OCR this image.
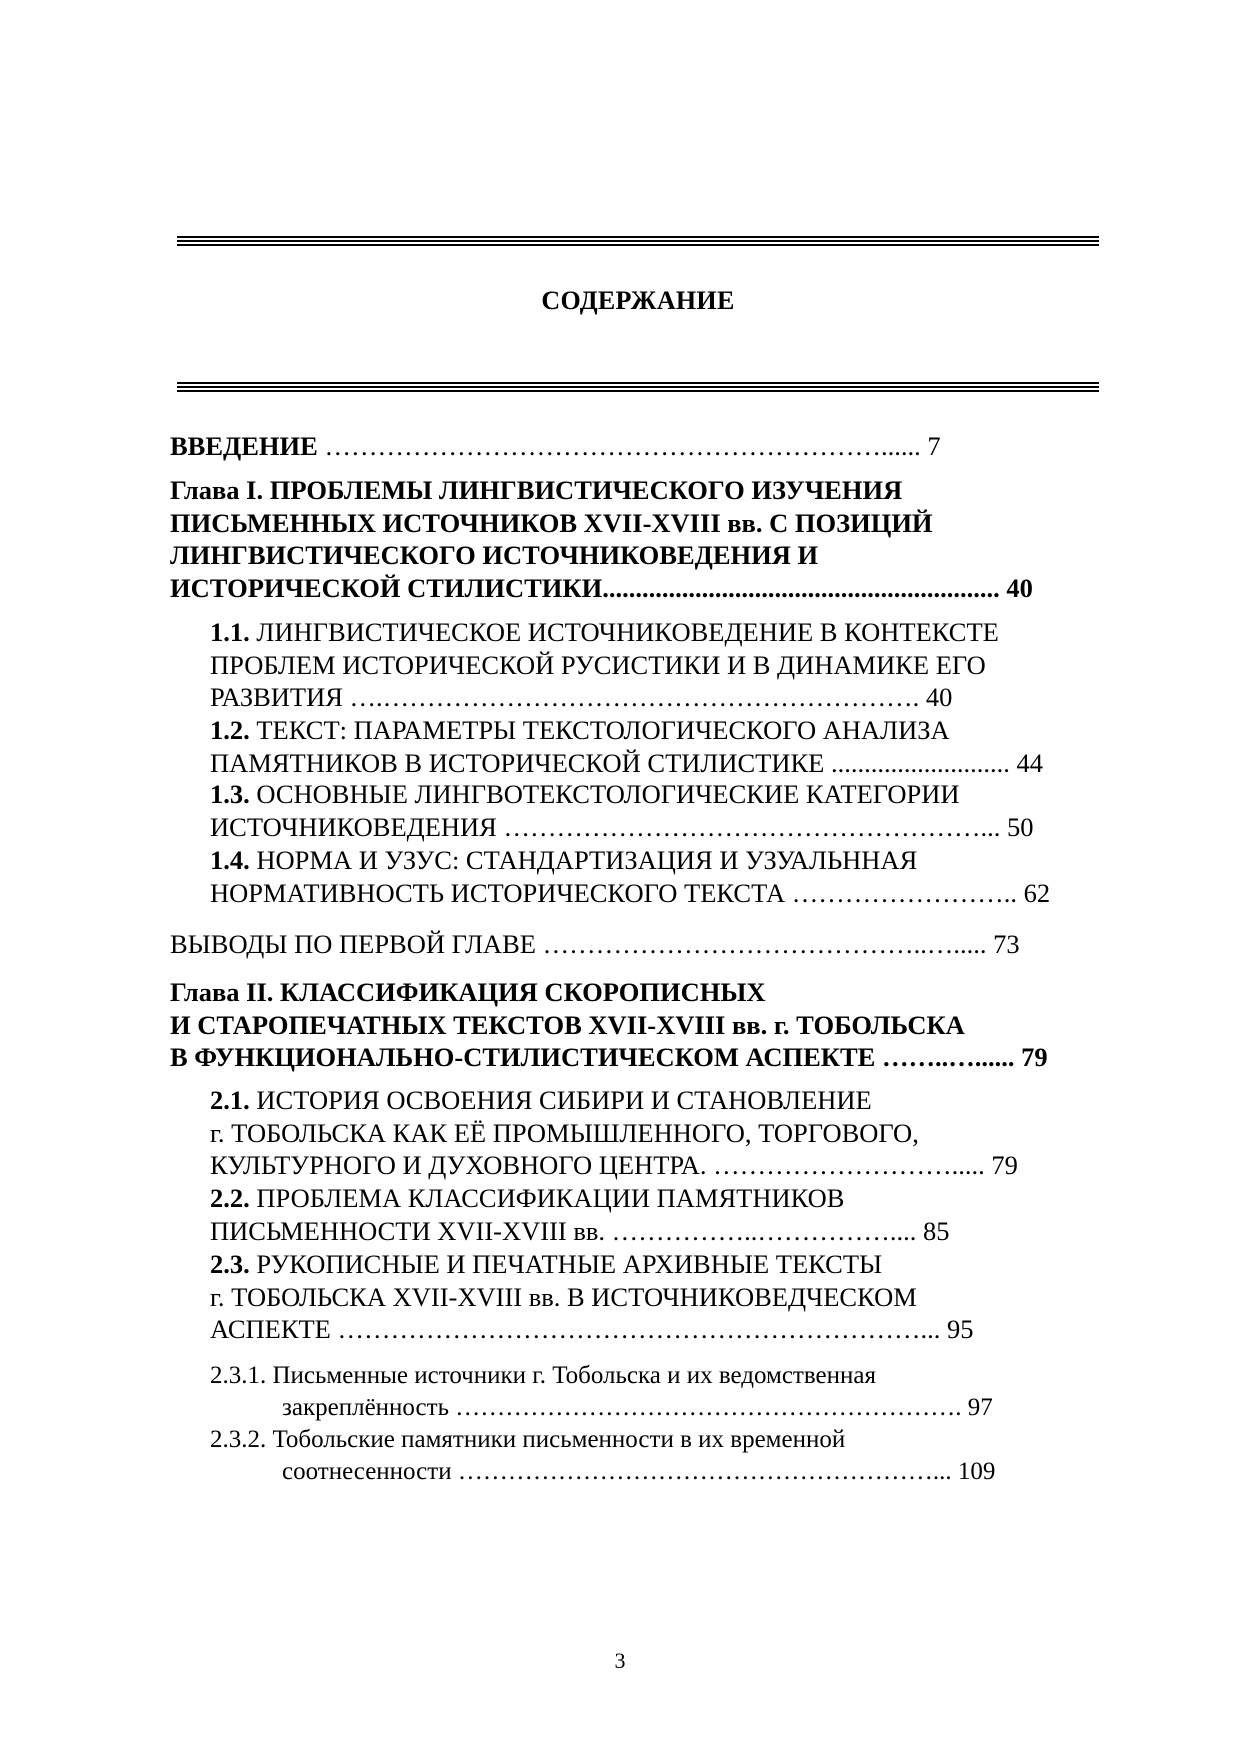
СОДЕРЖАНИЕ
ВВЕДЕНИЕ ………………………………………………………...... 7
Глава I. ПРОБЛЕМЫ ЛИНГВИСТИЧЕСКОГО ИЗУЧЕНИЯ
ПИСЬМЕННЫХ ИСТОЧНИКОВ XVII-XVIII вв. С ПОЗИЦИЙ
ЛИНГВИСТИЧЕСКОГО ИСТОЧНИКОВЕДЕНИЯ И
ИСТОРИЧЕСКОЙ СТИЛИСТИКИ............................................................ 40
1.1. ЛИНГВИСТИЧЕСКОЕ ИСТОЧНИКОВЕДЕНИЕ В КОНТЕКСТЕ
ПРОБЛЕМ ИСТОРИЧЕСКОЙ РУСИСТИКИ И В ДИНАМИКЕ ЕГО
РАЗВИТИЯ ….……………………………………………………. 40
1.2. ТЕКСТ: ПАРАМЕТРЫ ТЕКСТОЛОГИЧЕСКОГО АНАЛИЗА
ПАМЯТНИКОВ В ИСТОРИЧЕСКОЙ СТИЛИСТИКЕ ........................... 44
1.3. ОСНОВНЫЕ ЛИНГВОТЕКСТОЛОГИЧЕСКИЕ КАТЕГОРИИ
ИСТОЧНИКОВЕДЕНИЯ ………………………………………………... 50
1.4. НОРМА И УЗУС: СТАНДАРТИЗАЦИЯ И УЗУАЛЬННАЯ
НОРМАТИВНОСТЬ ИСТОРИЧЕСКОГО ТЕКСТА …………………….. 62
ВЫВОДЫ ПО ПЕРВОЙ ГЛАВЕ ……………………………………..…..... 73
Глава II. КЛАССИФИКАЦИЯ СКОРОПИСНЫХ
И СТАРОПЕЧАТНЫХ ТЕКСТОВ XVII-XVIII вв. г. ТОБОЛЬСКА
В ФУНКЦИОНАЛЬНО-СТИЛИСТИЧЕСКОМ АСПЕКТЕ ……..…...... 79
2.1. ИСТОРИЯ ОСВОЕНИЯ СИБИРИ И СТАНОВЛЕНИЕ
г. ТОБОЛЬСКА КАК ЕЁ ПРОМЫШЛЕННОГО, ТОРГОВОГО,
КУЛЬТУРНОГО И ДУХОВНОГО ЦЕНТРА. ………………………..... 79
2.2. ПРОБЛЕМА КЛАССИФИКАЦИИ ПАМЯТНИКОВ
ПИСЬМЕННОСТИ XVII-XVIII вв. ……………..…………….... 85
2.3. РУКОПИСНЫЕ И ПЕЧАТНЫЕ АРХИВНЫЕ ТЕКСТЫ
г. ТОБОЛЬСКА XVII-XVIII вв. В ИСТОЧНИКОВЕДЧЕСКОМ
АСПЕКТЕ …………………………………………………………... 95
2.3.1. Письменные источники г. Тобольска и их ведомственная
закреплённость ……………………………………………………. 97
2.3.2. Тобольские памятники письменности в их временной
соотнесенности …………………………………………………... 109
3
